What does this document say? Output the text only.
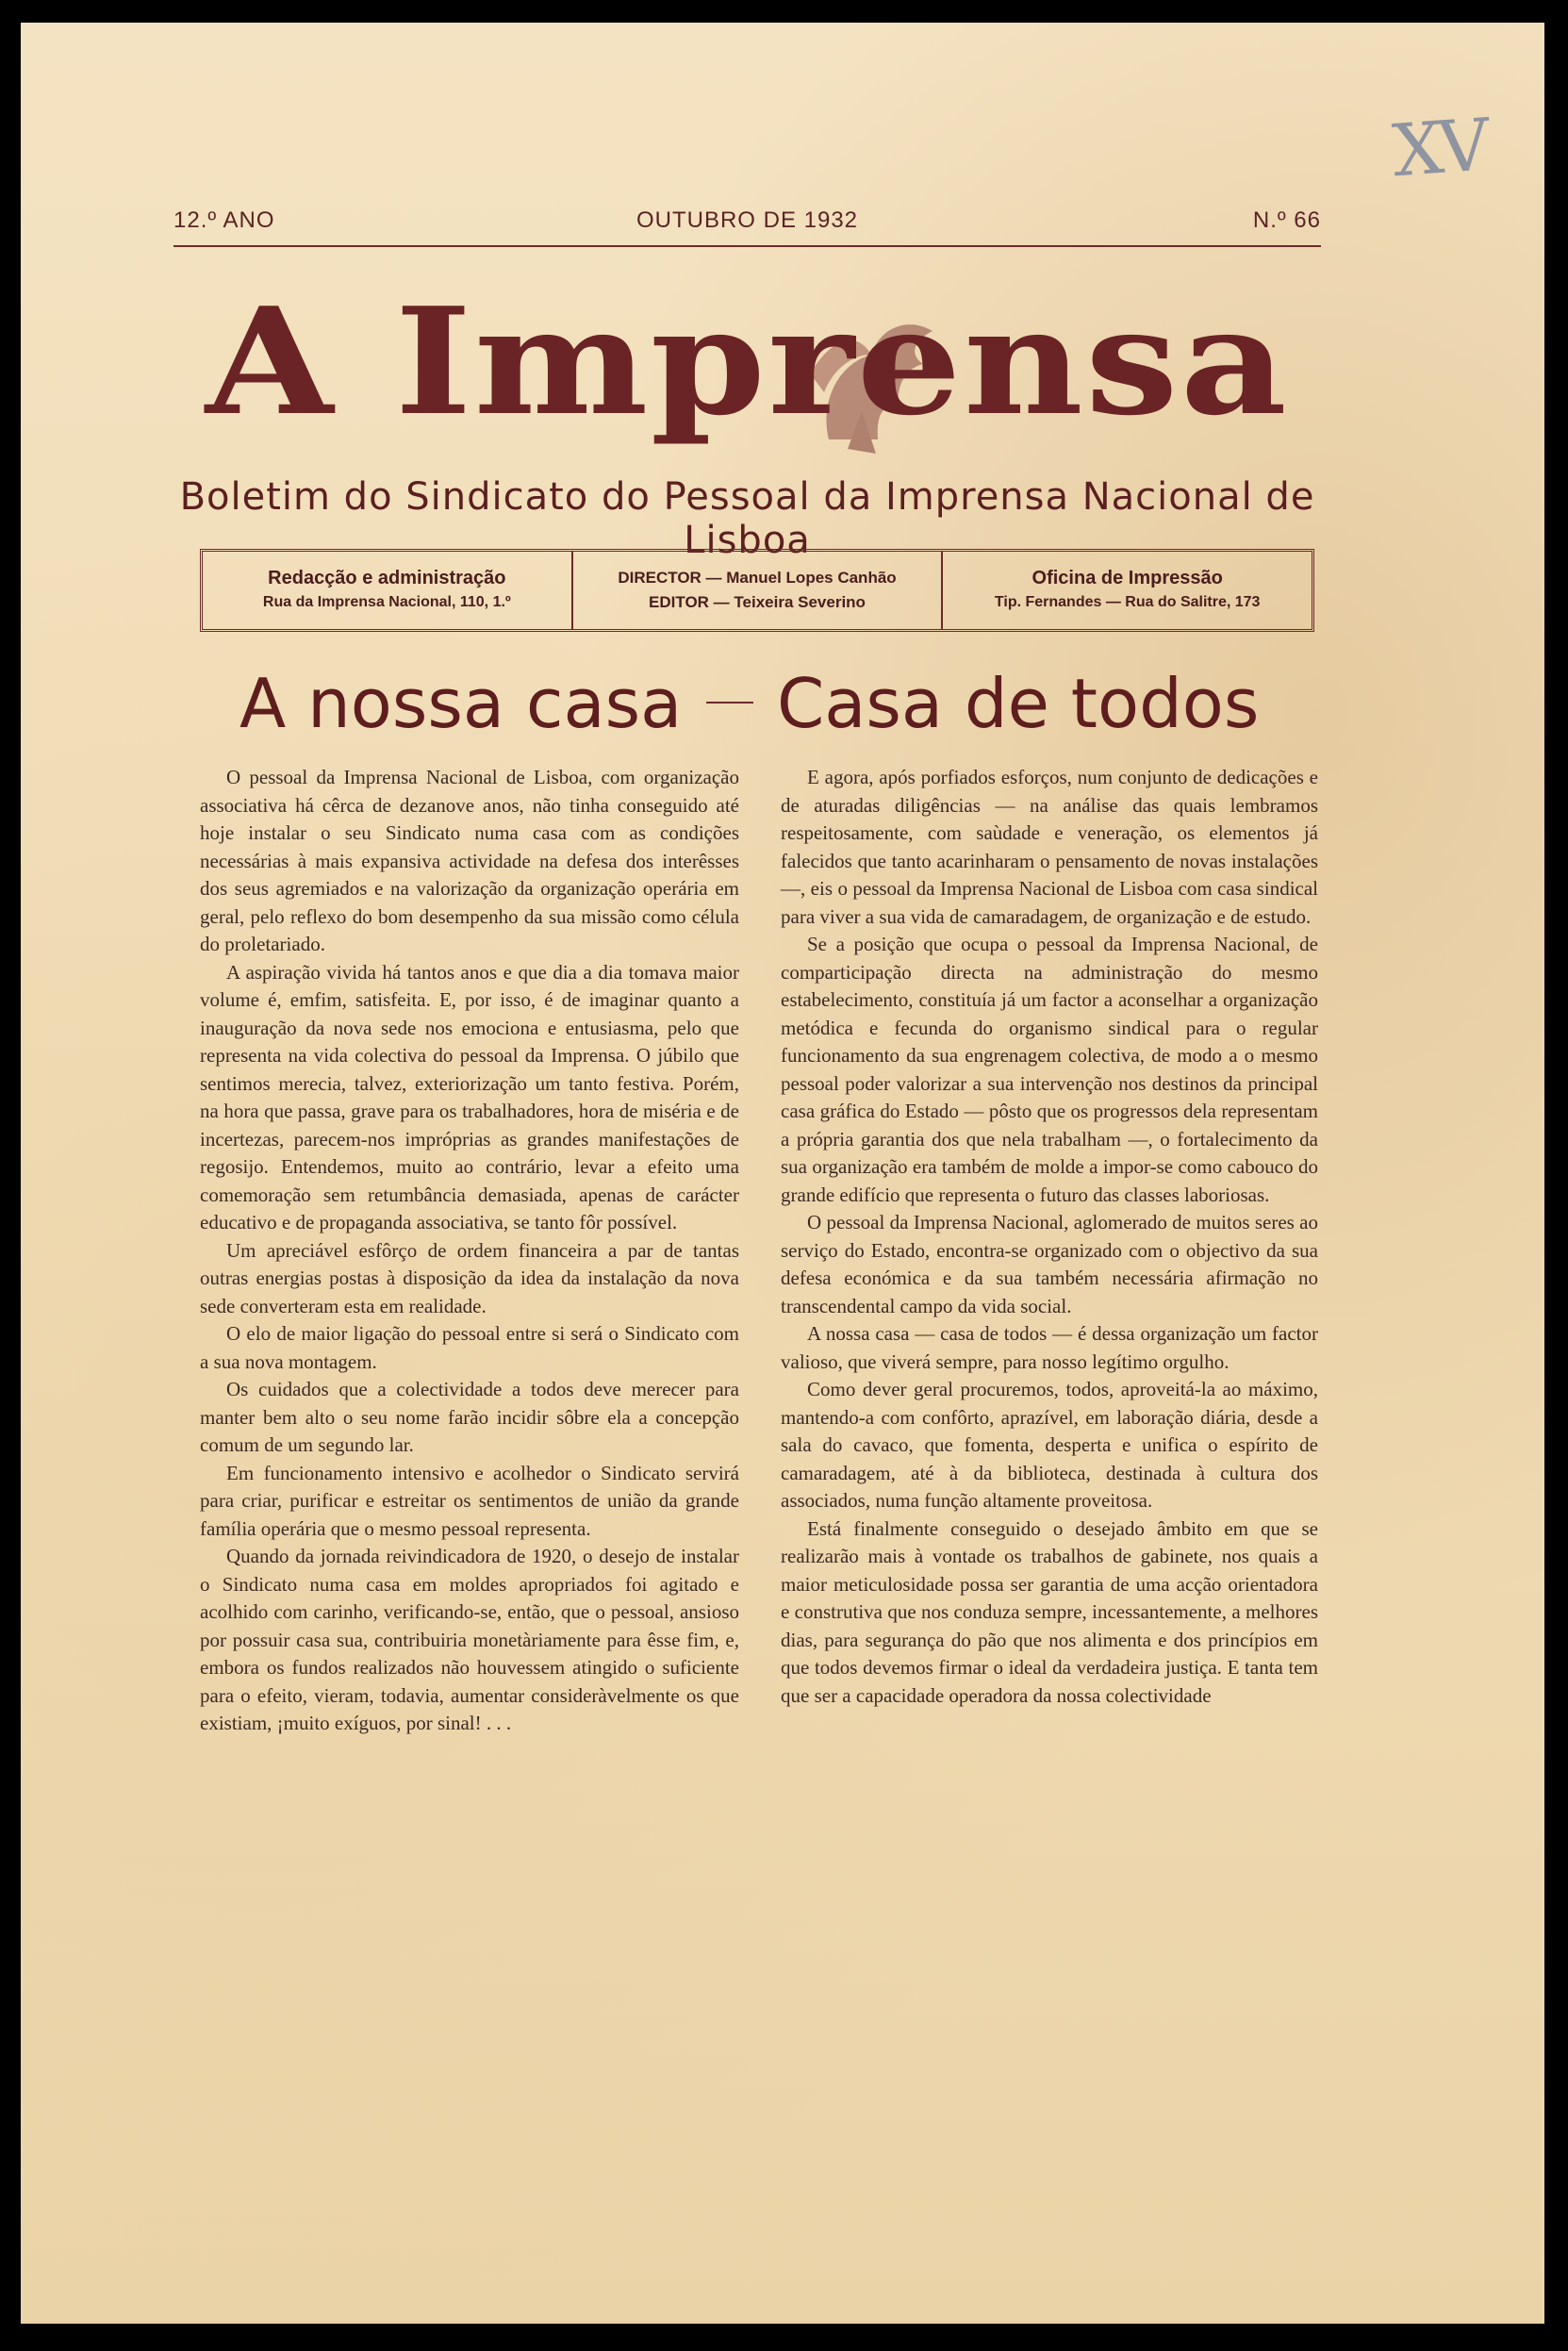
XV
12.º ANO	OUTUBRO DE 1932	N.º 66
A Imprensa
Boletim do Sindicato do Pessoal da Imprensa Nacional de Lisboa
Redacção e administração
Rua da Imprensa Nacional, 110, 1.º
DIRECTOR — Manuel Lopes Canhão
EDITOR — Teixeira Severino
Oficina de Impressão
Tip. Fernandes — Rua do Salitre, 173
A nossa casa Casa de todos

O pessoal da Imprensa Nacional de Lisboa, com organização associativa há cêrca de dezanove anos, não tinha conseguido até hoje instalar o seu Sindicato numa casa com as condições necessárias à mais expansiva actividade na defesa dos interêsses dos seus agremiados e na valorização da organização operária em geral, pelo reflexo do bom desempenho da sua missão como célula do proletariado.

A aspiração vivida há tantos anos e que dia a dia tomava maior volume é, emfim, satisfeita. E, por isso, é de imaginar quanto a inauguração da nova sede nos emociona e entusiasma, pelo que representa na vida colectiva do pessoal da Imprensa. O júbilo que sentimos merecia, talvez, exteriorização um tanto festiva. Porém, na hora que passa, grave para os trabalhadores, hora de miséria e de incertezas, parecem-nos impróprias as grandes manifestações de regosijo. Entendemos, muito ao contrário, levar a efeito uma comemoração sem retumbância demasiada, apenas de carácter educativo e de propaganda associativa, se tanto fôr possível.

Um apreciável esfôrço de ordem financeira a par de tantas outras energias postas à disposição da idea da instalação da nova sede converteram esta em realidade.

O elo de maior ligação do pessoal entre si será o Sindicato com a sua nova montagem.

Os cuidados que a colectividade a todos deve merecer para manter bem alto o seu nome farão incidir sôbre ela a concepção comum de um segundo lar.

Em funcionamento intensivo e acolhedor o Sindicato servirá para criar, purificar e estreitar os sentimentos de união da grande família operária que o mesmo pessoal representa.

Quando da jornada reivindicadora de 1920, o desejo de instalar o Sindicato numa casa em moldes apropriados foi agitado e acolhido com carinho, verificando-se, então, que o pessoal, ansioso por possuir casa sua, contribuiria monetàriamente para êsse fim, e, embora os fundos realizados não houvessem atingido o suficiente para o efeito, vieram, todavia, aumentar consideràvelmente os que existiam, ¡muito exíguos, por sinal! . . .

E agora, após porfiados esforços, num conjunto de dedicações e de aturadas diligências — na análise das quais lembramos respeitosamente, com saùdade e veneração, os elementos já falecidos que tanto acarinharam o pensamento de novas instalações —, eis o pessoal da Imprensa Nacional de Lisboa com casa sindical para viver a sua vida de camaradagem, de organização e de estudo.

Se a posição que ocupa o pessoal da Imprensa Nacional, de comparticipação directa na administração do mesmo estabelecimento, constituía já um factor a aconselhar a organização metódica e fecunda do organismo sindical para o regular funcionamento da sua engrenagem colectiva, de modo a o mesmo pessoal poder valorizar a sua intervenção nos destinos da principal casa gráfica do Estado — pôsto que os progressos dela representam a própria garantia dos que nela trabalham —, o fortalecimento da sua organização era também de molde a impor-se como cabouco do grande edifício que representa o futuro das classes laboriosas.

O pessoal da Imprensa Nacional, aglomerado de muitos seres ao serviço do Estado, encontra-se organizado com o objectivo da sua defesa económica e da sua também necessária afirmação no transcendental campo da vida social.

A nossa casa — casa de todos — é dessa organização um factor valioso, que viverá sempre, para nosso legítimo orgulho.

Como dever geral procuremos, todos, aproveitá-la ao máximo, mantendo-a com confôrto, aprazível, em laboração diária, desde a sala do cavaco, que fomenta, desperta e unifica o espírito de camaradagem, até à da biblioteca, destinada à cultura dos associados, numa função altamente proveitosa.

Está finalmente conseguido o desejado âmbito em que se realizarão mais à vontade os trabalhos de gabinete, nos quais a maior meticulosidade possa ser garantia de uma acção orientadora e construtiva que nos conduza sempre, incessantemente, a melhores dias, para segurança do pão que nos alimenta e dos princípios em que todos devemos firmar o ideal da verdadeira justiça. E tanta tem que ser a capacidade operadora da nossa colectividade
